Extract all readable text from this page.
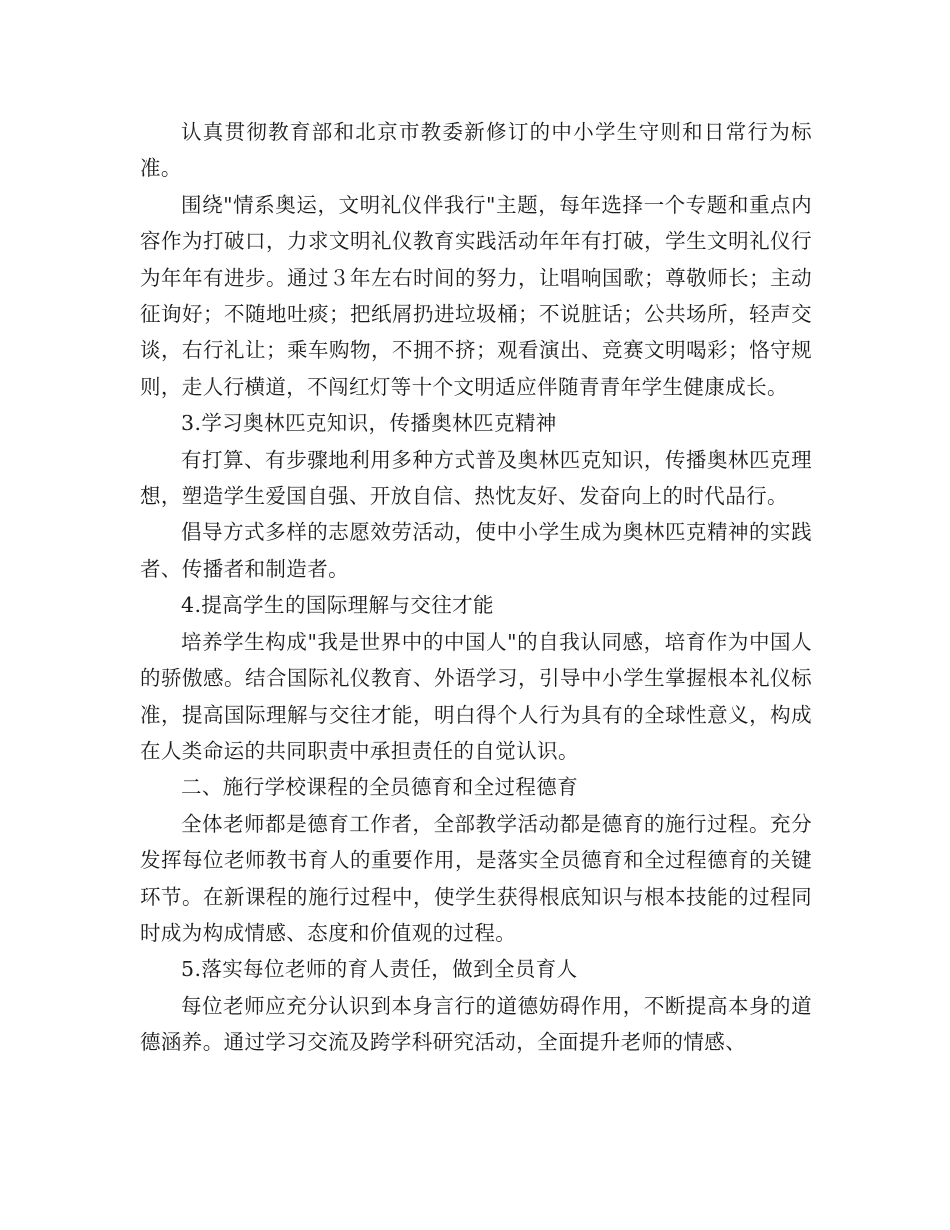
认真贯彻教育部和北京市教委新修订的中小学生守则和日常行为标准。

围绕"情系奥运，文明礼仪伴我行"主题，每年选择一个专题和重点内容作为打破口，力求文明礼仪教育实践活动年年有打破，学生文明礼仪行为年年有进步。通过３年左右时间的努力，让唱响国歌；尊敬师长；主动征询好；不随地吐痰；把纸屑扔进垃圾桶；不说脏话；公共场所，轻声交谈，右行礼让；乘车购物，不拥不挤；观看演出、竞赛文明喝彩；恪守规则，走人行横道，不闯红灯等十个文明适应伴随青青年学生健康成长。

3.学习奥林匹克知识，传播奥林匹克精神

有打算、有步骤地利用多种方式普及奥林匹克知识，传播奥林匹克理想，塑造学生爱国自强、开放自信、热忱友好、发奋向上的时代品行。

倡导方式多样的志愿效劳活动，使中小学生成为奥林匹克精神的实践者、传播者和制造者。

4.提高学生的国际理解与交往才能

培养学生构成"我是世界中的中国人"的自我认同感，培育作为中国人的骄傲感。结合国际礼仪教育、外语学习，引导中小学生掌握根本礼仪标准，提高国际理解与交往才能，明白得个人行为具有的全球性意义，构成在人类命运的共同职责中承担责任的自觉认识。

二、施行学校课程的全员德育和全过程德育

全体老师都是德育工作者，全部教学活动都是德育的施行过程。充分发挥每位老师教书育人的重要作用，是落实全员德育和全过程德育的关键环节。在新课程的施行过程中，使学生获得根底知识与根本技能的过程同时成为构成情感、态度和价值观的过程。

5.落实每位老师的育人责任，做到全员育人

每位老师应充分认识到本身言行的道德妨碍作用，不断提高本身的道德涵养。通过学习交流及跨学科研究活动，全面提升老师的情感、
